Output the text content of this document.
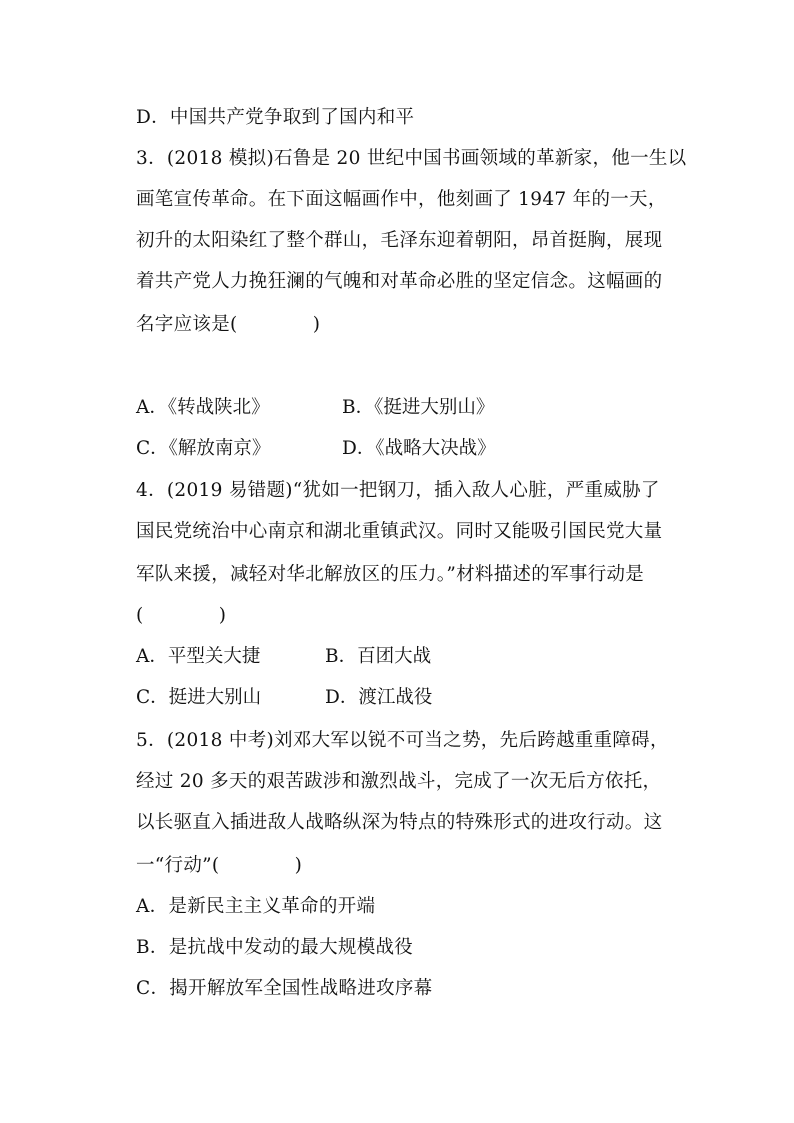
D．中国共产党争取到了国内和平
3．(2018 模拟)石鲁是 20 世纪中国书画领域的革新家，他一生以
画笔宣传革命。在下面这幅画作中，他刻画了 1947 年的一天，
初升的太阳染红了整个群山，毛泽东迎着朝阳，昂首挺胸，展现
着共产党人力挽狂澜的气魄和对革命必胜的坚定信念。这幅画的
名字应该是(　　　　)
A．《转战陕北》	B．《挺进大别山》
C．《解放南京》	D．《战略大决战》
4．(2019 易错题)“犹如一把钢刀，插入敌人心脏，严重威胁了
国民党统治中心南京和湖北重镇武汉。同时又能吸引国民党大量
军队来援，减轻对华北解放区的压力。”材料描述的军事行动是
(　　　　)
A．平型关大捷	B．百团大战
C．挺进大别山	D．渡江战役
5．(2018 中考)刘邓大军以锐不可当之势，先后跨越重重障碍，
经过 20 多天的艰苦跋涉和激烈战斗，完成了一次无后方依托，
以长驱直入插进敌人战略纵深为特点的特殊形式的进攻行动。这
一“行动”(　　　　)
A．是新民主主义革命的开端
B．是抗战中发动的最大规模战役
C．揭开解放军全国性战略进攻序幕
